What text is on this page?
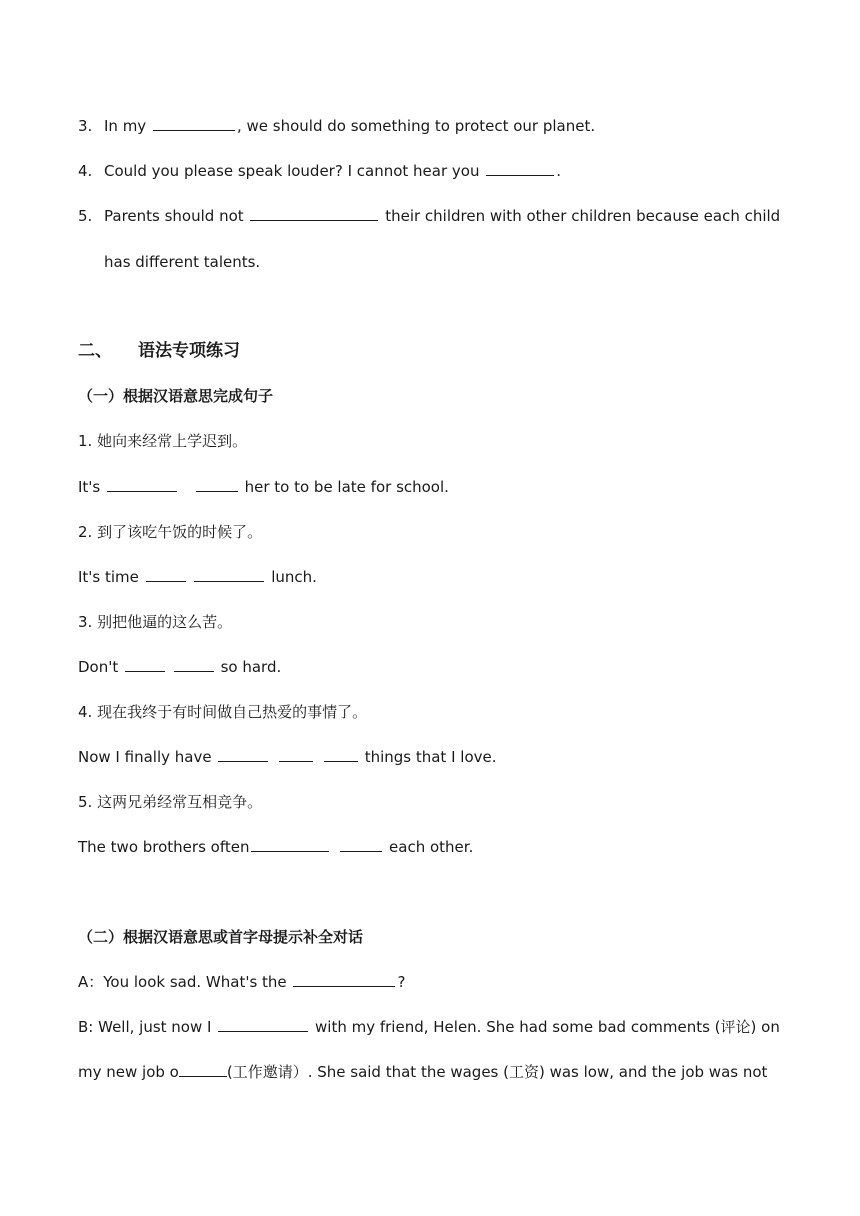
3. In my	, we should do something to protect our planet.
4. Could you please speak louder? I cannot hear you	.
5. Parents should not	their children with other children because each child
has different talents.
二、 语法专项练习
（一）根据汉语意思完成句子
1. 她向来经常上学迟到。
It's	her to to be late for school.
2. 到了该吃午饭的时候了。
It's time	lunch.
3. 别把他逼的这么苦。
Don't	so hard.
4. 现在我终于有时间做自己热爱的事情了。
Now I finally have	things that I love.
5. 这两兄弟经常互相竞争。
The two brothers often	each other.
（二）根据汉语意思或首字母提示补全对话
A：You look sad. What's the	?
B: Well, just now I	with my friend, Helen. She had some bad comments (评论) on
my new job o	(工作邀请）. She said that the wages (工资) was low, and the job was not
